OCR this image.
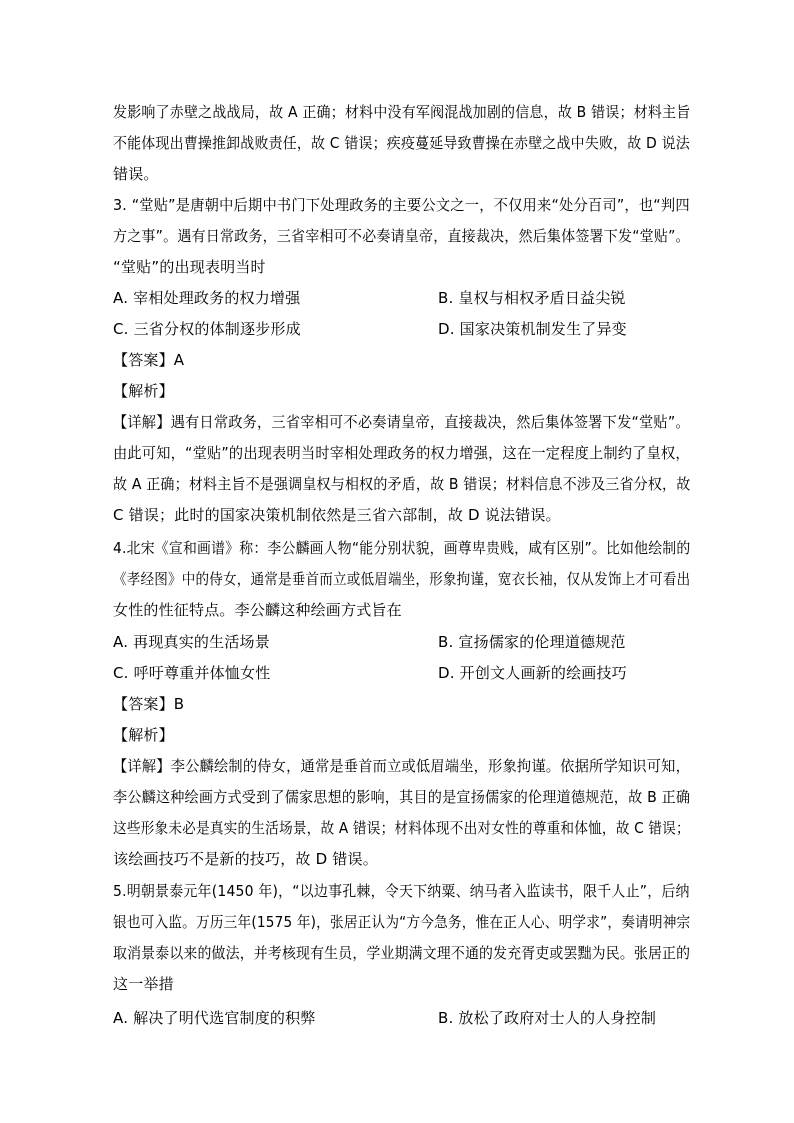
发影响了赤壁之战战局，故 A 正确；材料中没有军阀混战加剧的信息，故 B 错误；材料主旨
不能体现出曹操推卸战败责任，故 C 错误；疾疫蔓延导致曹操在赤壁之战中失败，故 D 说法
错误。
3. “堂贴”是唐朝中后期中书门下处理政务的主要公文之一，不仅用来“处分百司”，也“判四
方之事”。遇有日常政务，三省宰相可不必奏请皇帝，直接裁决，然后集体签署下发“堂贴”。
“堂贴”的出现表明当时
A. 宰相处理政务的权力增强	B. 皇权与相权矛盾日益尖锐
C. 三省分权的体制逐步形成	D. 国家决策机制发生了异变
【答案】A
【解析】
【详解】遇有日常政务，三省宰相可不必奏请皇帝，直接裁决，然后集体签署下发“堂贴”。
由此可知，“堂贴”的出现表明当时宰相处理政务的权力增强，这在一定程度上制约了皇权，
故 A 正确；材料主旨不是强调皇权与相权的矛盾，故 B 错误；材料信息不涉及三省分权，故
C 错误；此时的国家决策机制依然是三省六部制，故 D 说法错误。
4.北宋《宣和画谱》称：李公麟画人物“能分别状貌，画尊卑贵贱，咸有区别”。比如他绘制的
《孝经图》中的侍女，通常是垂首而立或低眉端坐，形象拘谨，宽衣长袖，仅从发饰上才可看出
女性的性征特点。李公麟这种绘画方式旨在
A. 再现真实的生活场景	B. 宣扬儒家的伦理道德规范
C. 呼吁尊重并体恤女性	D. 开创文人画新的绘画技巧
【答案】B
【解析】
【详解】李公麟绘制的侍女，通常是垂首而立或低眉端坐，形象拘谨。依据所学知识可知，
李公麟这种绘画方式受到了儒家思想的影响，其目的是宣扬儒家的伦理道德规范，故 B 正确
这些形象未必是真实的生活场景，故 A 错误；材料体现不出对女性的尊重和体恤，故 C 错误；
该绘画技巧不是新的技巧，故 D 错误。
5.明朝景泰元年(1450 年)，“以边事孔棘，令天下纳粟、纳马者入监读书，限千人止”，后纳
银也可入监。万历三年(1575 年)，张居正认为“方今急务，惟在正人心、明学求”，奏请明神宗
取消景泰以来的做法，并考核现有生员，学业期满文理不通的发充胥吏或罢黜为民。张居正的
这一举措
A. 解决了明代选官制度的积弊	B. 放松了政府对士人的人身控制
